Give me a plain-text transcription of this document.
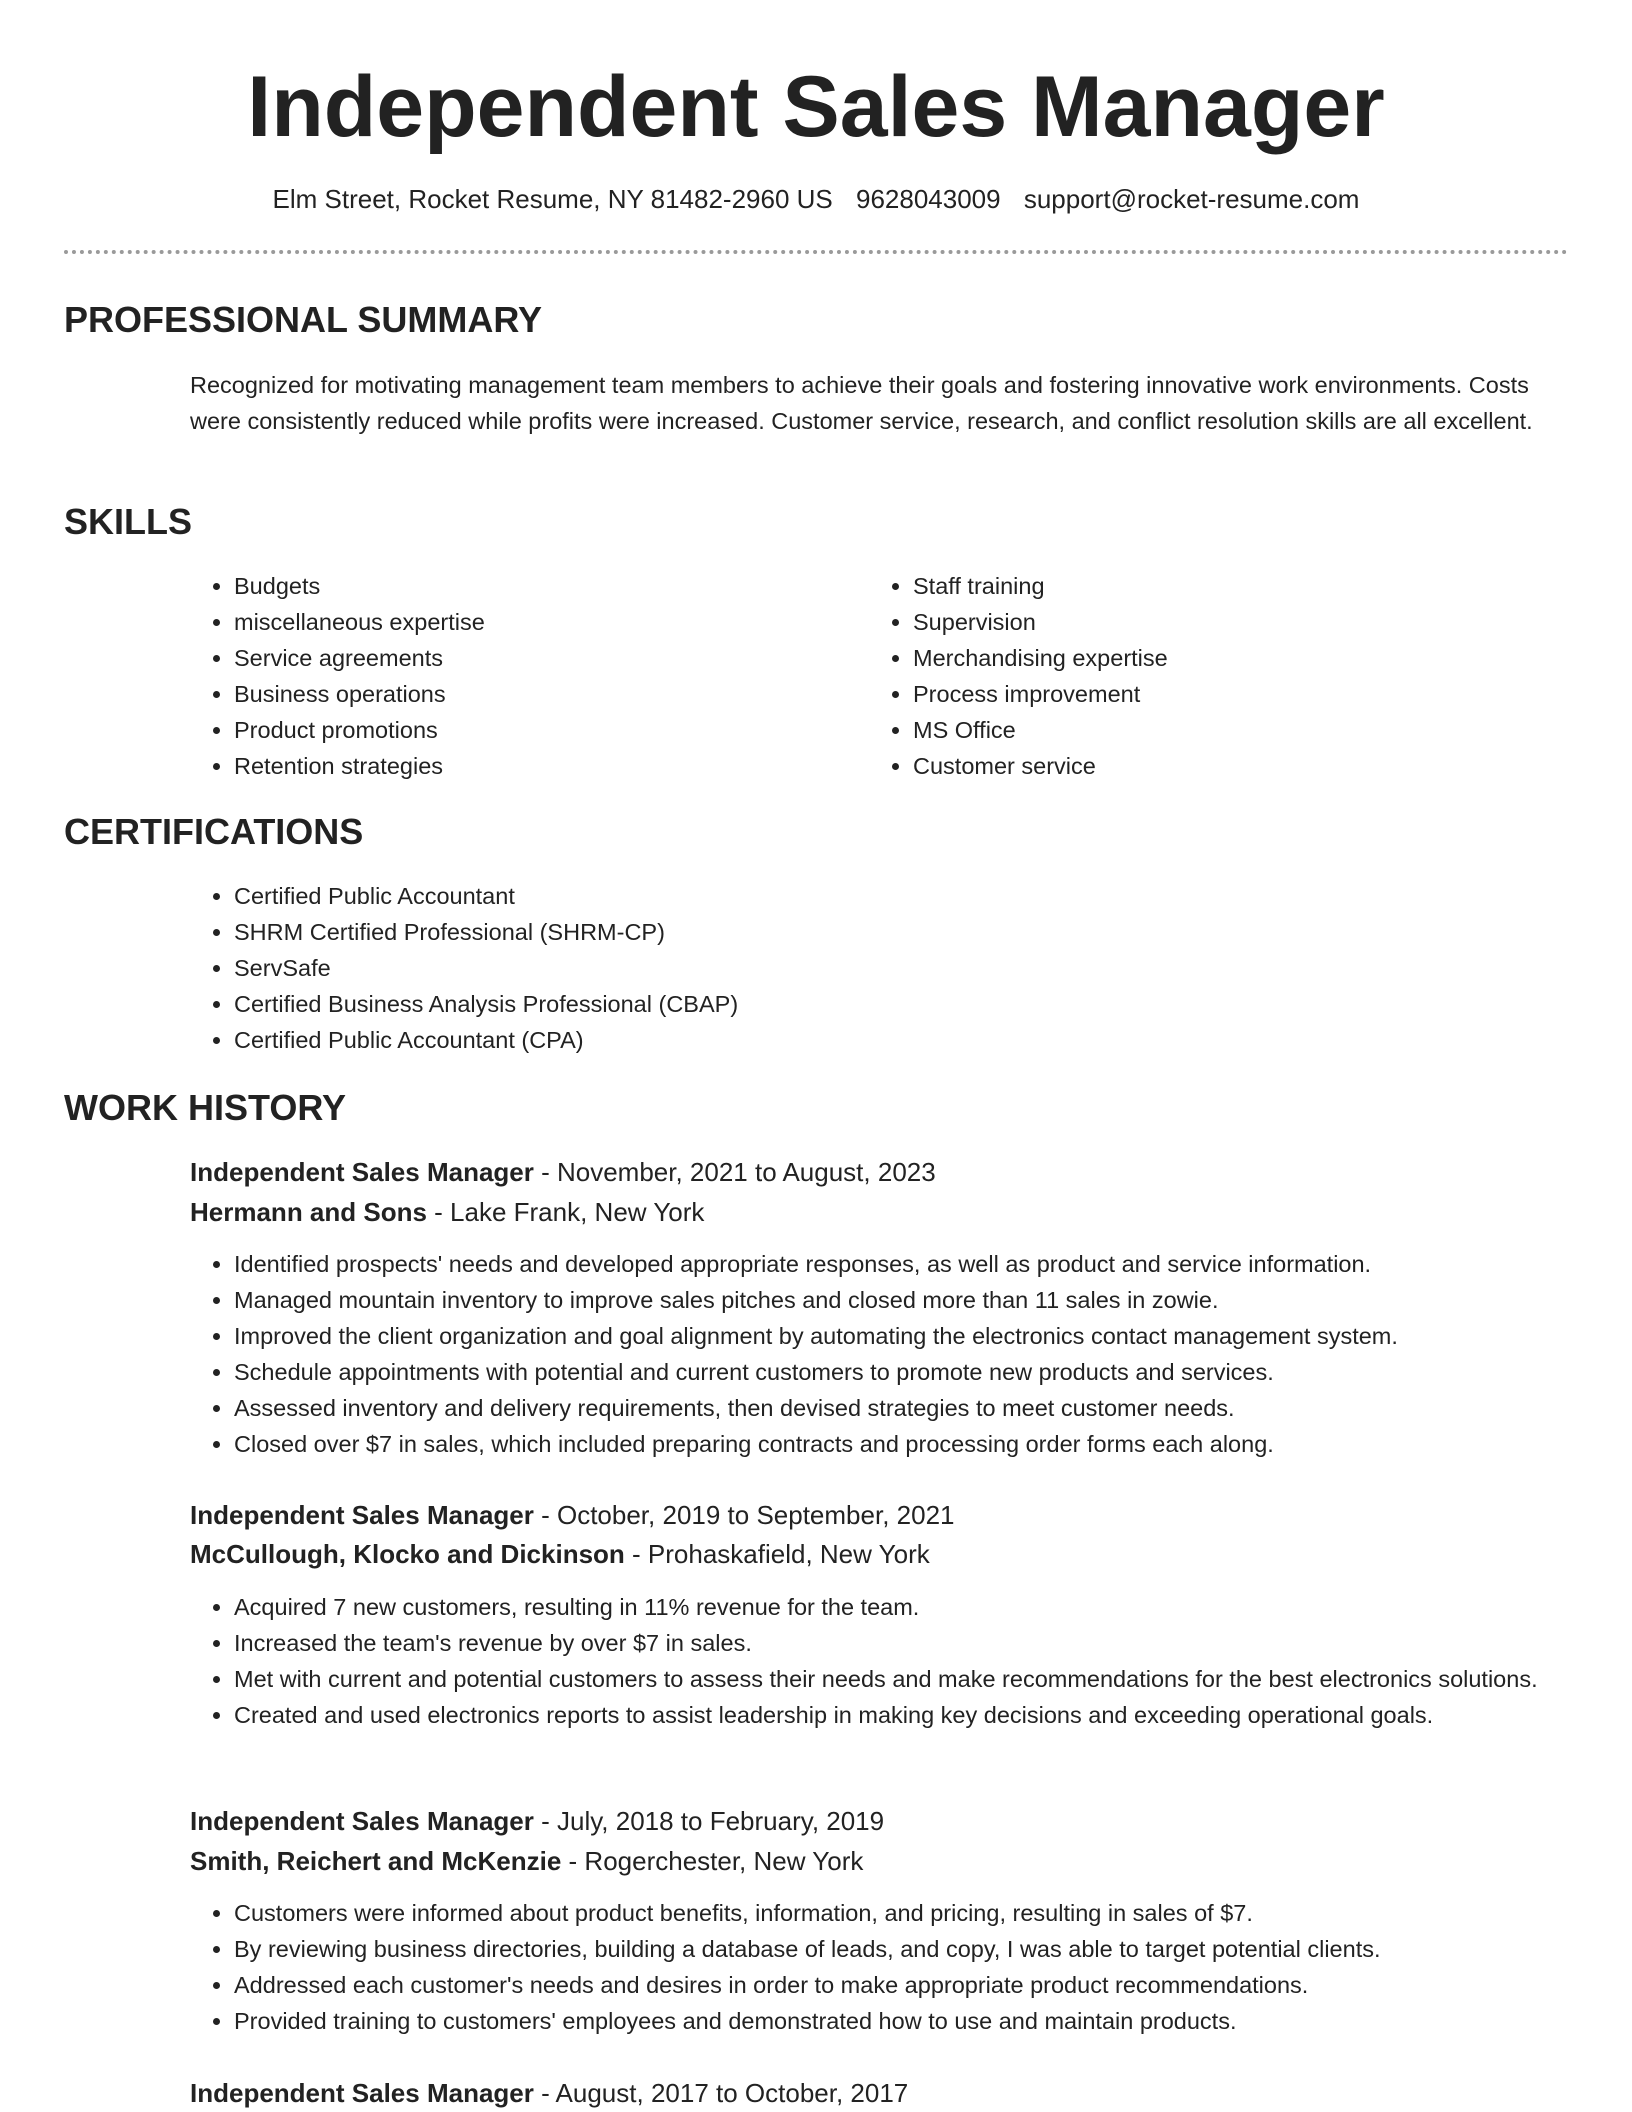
Independent Sales Manager
Elm Street, Rocket Resume, NY 81482-2960 US 9628043009 support@rocket-resume.com
PROFESSIONAL SUMMARY

Recognized for motivating management team members to achieve their goals and fostering innovative work environments. Costs were consistently reduced while profits were increased. Customer service, research, and conflict resolution skills are all excellent.

SKILLS
• Budgets
• miscellaneous expertise
• Service agreements
• Business operations
• Product promotions
• Retention strategies
• Staff training
• Supervision
• Merchandising expertise
• Process improvement
• MS Office
• Customer service
CERTIFICATIONS
• Certified Public Accountant
• SHRM Certified Professional (SHRM-CP)
• ServSafe
• Certified Business Analysis Professional (CBAP)
• Certified Public Accountant (CPA)
WORK HISTORY
Independent Sales Manager - November, 2021 to August, 2023
Hermann and Sons - Lake Frank, New York
• Identified prospects' needs and developed appropriate responses, as well as product and service information.
• Managed mountain inventory to improve sales pitches and closed more than 11 sales in zowie.
• Improved the client organization and goal alignment by automating the electronics contact management system.
• Schedule appointments with potential and current customers to promote new products and services.
• Assessed inventory and delivery requirements, then devised strategies to meet customer needs.
• Closed over $7 in sales, which included preparing contracts and processing order forms each along.
Independent Sales Manager - October, 2019 to September, 2021
McCullough, Klocko and Dickinson - Prohaskafield, New York
• Acquired 7 new customers, resulting in 11% revenue for the team.
• Increased the team's revenue by over $7 in sales.
• Met with current and potential customers to assess their needs and make recommendations for the best electronics solutions.
• Created and used electronics reports to assist leadership in making key decisions and exceeding operational goals.
Independent Sales Manager - July, 2018 to February, 2019
Smith, Reichert and McKenzie - Rogerchester, New York
• Customers were informed about product benefits, information, and pricing, resulting in sales of $7.
• By reviewing business directories, building a database of leads, and copy, I was able to target potential clients.
• Addressed each customer's needs and desires in order to make appropriate product recommendations.
• Provided training to customers' employees and demonstrated how to use and maintain products.
Independent Sales Manager - August, 2017 to October, 2017
